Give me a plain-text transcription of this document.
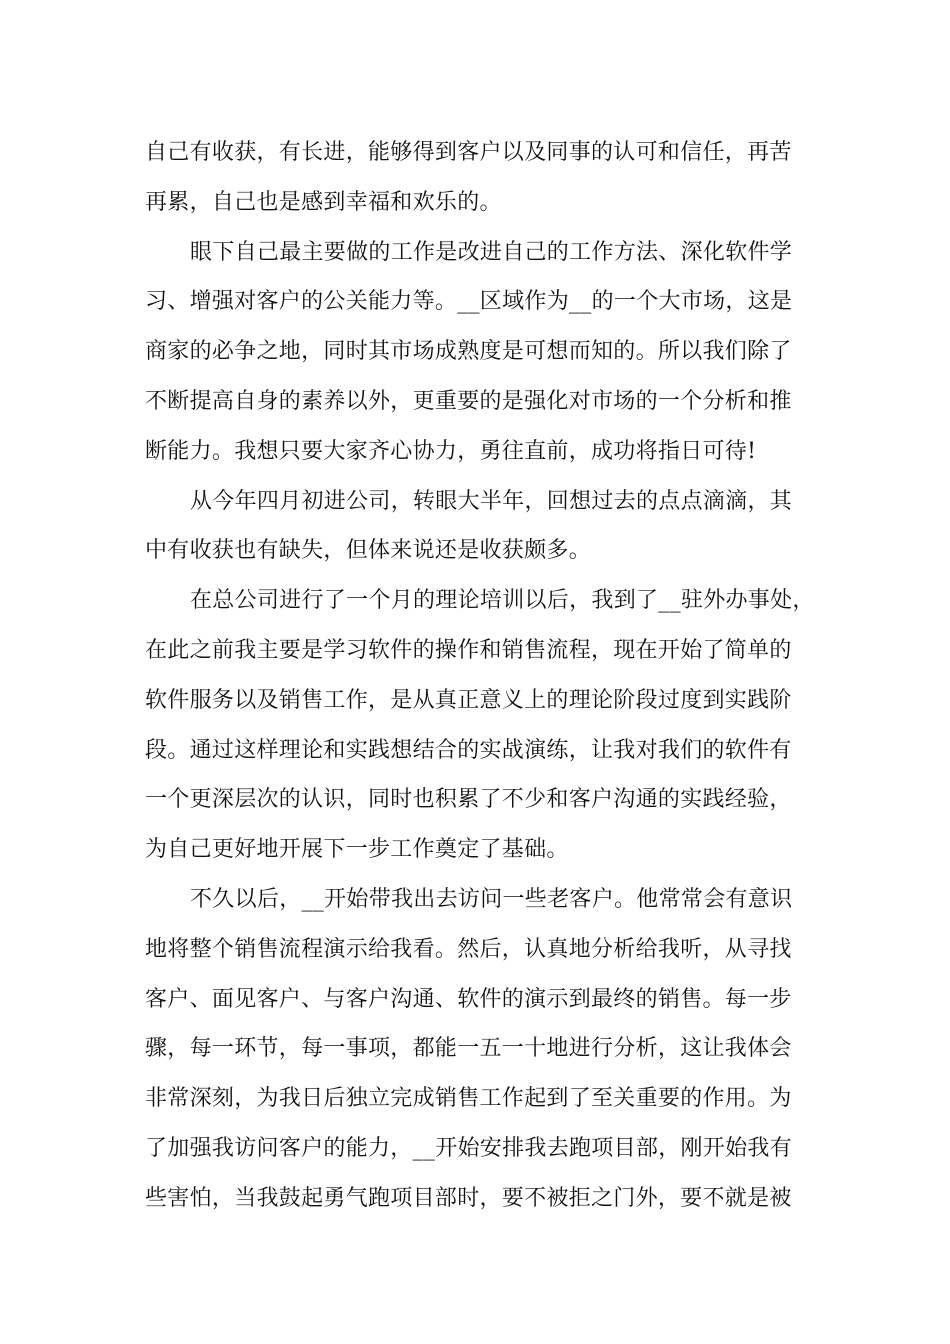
自己有收获，有长进，能够得到客户以及同事的认可和信任，再苦
再累，自己也是感到幸福和欢乐的。
眼下自己最主要做的工作是改进自己的工作方法、深化软件学
习、增强对客户的公关能力等。__区域作为__的一个大市场，这是
商家的必争之地，同时其市场成熟度是可想而知的。所以我们除了
不断提高自身的素养以外，更重要的是强化对市场的一个分析和推
断能力。我想只要大家齐心协力，勇往直前，成功将指日可待!
从今年四月初进公司，转眼大半年，回想过去的点点滴滴，其
中有收获也有缺失，但体来说还是收获颇多。
在总公司进行了一个月的理论培训以后，我到了__驻外办事处，
在此之前我主要是学习软件的操作和销售流程，现在开始了简单的
软件服务以及销售工作，是从真正意义上的理论阶段过度到实践阶
段。通过这样理论和实践想结合的实战演练，让我对我们的软件有
一个更深层次的认识，同时也积累了不少和客户沟通的实践经验，
为自己更好地开展下一步工作奠定了基础。
不久以后，__开始带我出去访问一些老客户。他常常会有意识
地将整个销售流程演示给我看。然后，认真地分析给我听，从寻找
客户、面见客户、与客户沟通、软件的演示到最终的销售。每一步
骤，每一环节，每一事项，都能一五一十地进行分析，这让我体会
非常深刻，为我日后独立完成销售工作起到了至关重要的作用。为
了加强我访问客户的能力，__开始安排我去跑项目部，刚开始我有
些害怕，当我鼓起勇气跑项目部时，要不被拒之门外，要不就是被
